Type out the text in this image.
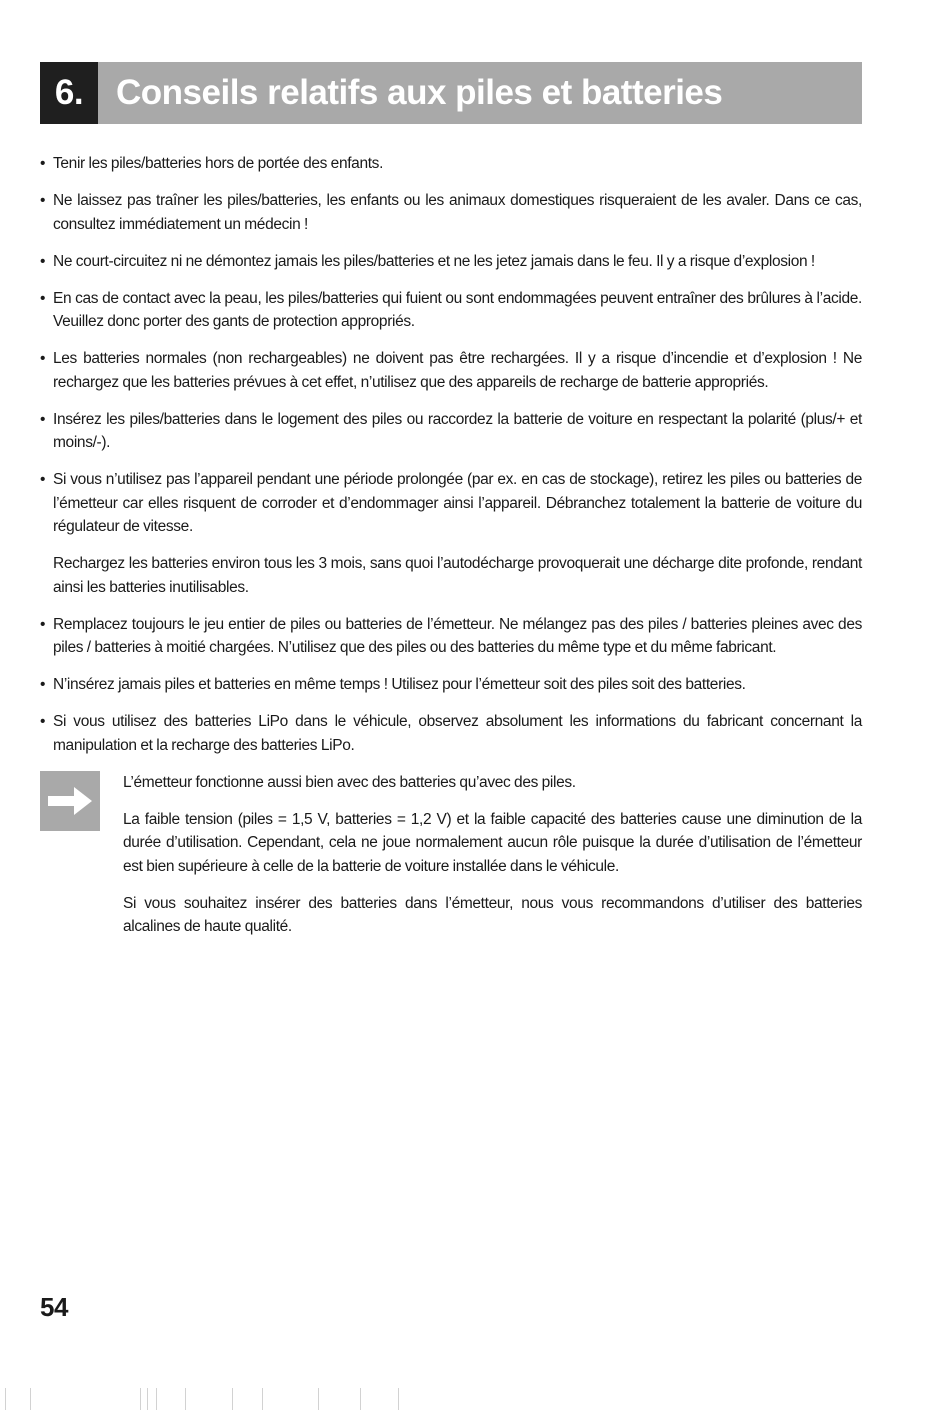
6. Conseils relatifs aux piles et batteries
• Tenir les piles/batteries hors de portée des enfants.
• Ne laissez pas traîner les piles/batteries, les enfants ou les animaux domestiques risqueraient de les avaler. Dans ce cas, consultez immédiatement un médecin !
• Ne court-circuitez ni ne démontez jamais les piles/batteries et ne les jetez jamais dans le feu. Il y a risque d’explosion !
• En cas de contact avec la peau, les piles/batteries qui fuient ou sont endommagées peuvent entraîner des brûlures à l’acide. Veuillez donc porter des gants de protection appropriés.
• Les batteries normales (non rechargeables) ne doivent pas être rechargées. Il y a risque d’incendie et d’explosion ! Ne rechargez que les batteries prévues à cet effet, n’utilisez que des appareils de recharge de batterie appropriés.
• Insérez les piles/batteries dans le logement des piles ou raccordez la batterie de voiture en respectant la polarité (plus/+ et moins/-).
• Si vous n’utilisez pas l’appareil pendant une période prolongée (par ex. en cas de stockage), retirez les piles ou batteries de l’émetteur car elles risquent de corroder et d’endommager ainsi l’appareil. Débranchez totalement la batterie de voiture du régulateur de vitesse.

Rechargez les batteries environ tous les 3 mois, sans quoi l’autodécharge provoquerait une décharge dite profonde, rendant ainsi les batteries inutilisables.

• Remplacez toujours le jeu entier de piles ou batteries de l’émetteur. Ne mélangez pas des piles / batteries pleines avec des piles / batteries à moitié chargées. N’utilisez que des piles ou des batteries du même type et du même fabricant.
• N’insérez jamais piles et batteries en même temps ! Utilisez pour l’émetteur soit des piles soit des batteries.
• Si vous utilisez des batteries LiPo dans le véhicule, observez absolument les informations du fabricant concernant la manipulation et la recharge des batteries LiPo.

L’émetteur fonctionne aussi bien avec des batteries qu’avec des piles.

La faible tension (piles = 1,5 V, batteries = 1,2 V) et la faible capacité des batteries cause une diminution de la durée d’utilisation. Cependant, cela ne joue normalement aucun rôle puisque la durée d’utilisation de l’émetteur est bien supérieure à celle de la batterie de voiture installée dans le véhicule.

Si vous souhaitez insérer des batteries dans l’émetteur, nous vous recommandons d’utiliser des batteries alcalines de haute qualité.

54
